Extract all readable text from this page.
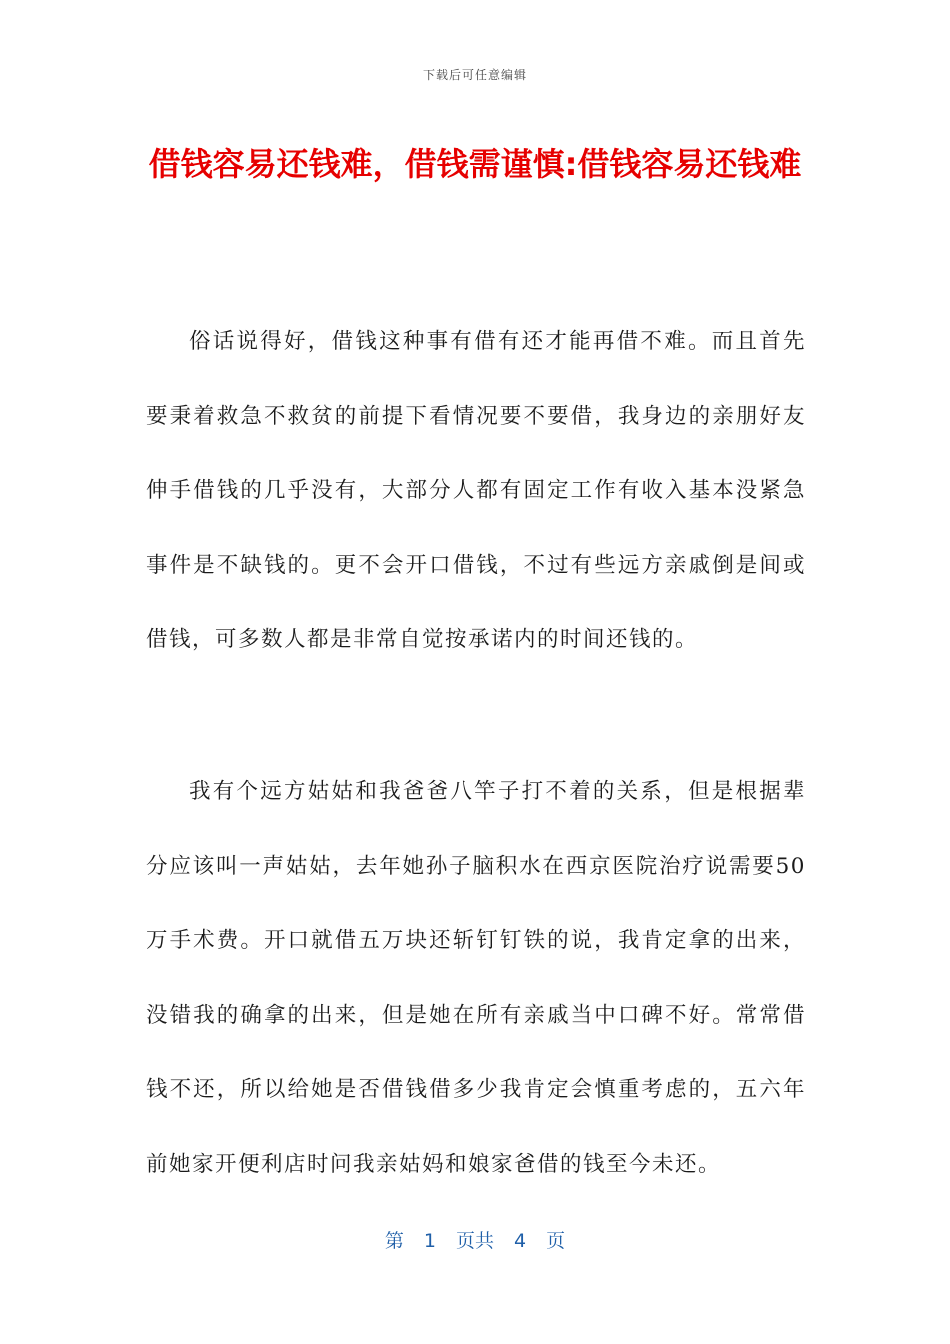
下载后可任意编辑
借钱容易还钱难，借钱需谨慎:借钱容易还钱难

俗话说得好，借钱这种事有借有还才能再借不难。而且首先要秉着救急不救贫的前提下看情况要不要借，我身边的亲朋好友伸手借钱的几乎没有，大部分人都有固定工作有收入基本没紧急事件是不缺钱的。更不会开口借钱，不过有些远方亲戚倒是间或借钱，可多数人都是非常自觉按承诺内的时间还钱的。

我有个远方姑姑和我爸爸八竿子打不着的关系，但是根据辈分应该叫一声姑姑，去年她孙子脑积水在西京医院治疗说需要50万手术费。开口就借五万块还斩钉钉铁的说，我肯定拿的出来，没错我的确拿的出来，但是她在所有亲戚当中口碑不好。常常借钱不还，所以给她是否借钱借多少我肯定会慎重考虑的，五六年前她家开便利店时问我亲姑妈和娘家爸借的钱至今未还。

第 1 页共 4 页
